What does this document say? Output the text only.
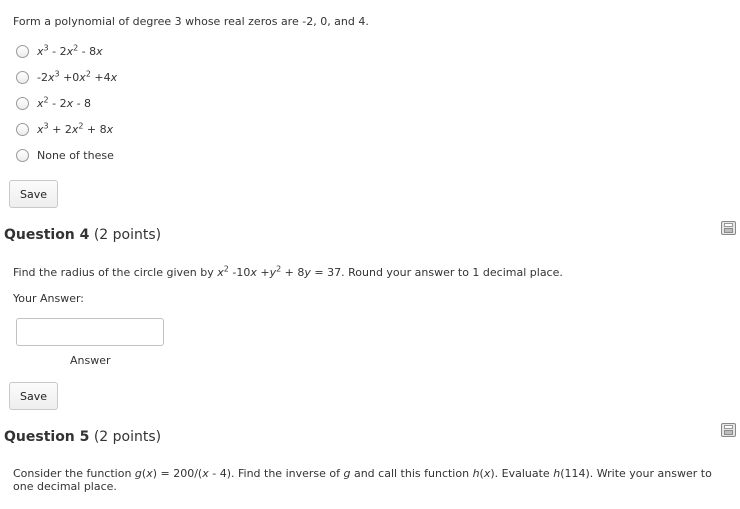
Form a polynomial of degree 3 whose real zeros are -2, 0, and 4.
$x^3 - 2x^2 - 8x$
$-2x^3 +0x^2 +4x$
$x^2 - 2x - 8$
$x^3 + 2x^2 + 8x$
None of these
Save
Question 4 (2 points)
Find the radius of the circle given by $x^2$ $-10x +y^2 + 8y = 37$. Round your answer to 1 decimal place.
Your Answer:
Answer
Save
Question 5 (2 points)
Consider the function g(x) = 200/(x - 4). Find the inverse of g and call this function h(x). Evaluate h(114). Write your answer to one decimal place.
